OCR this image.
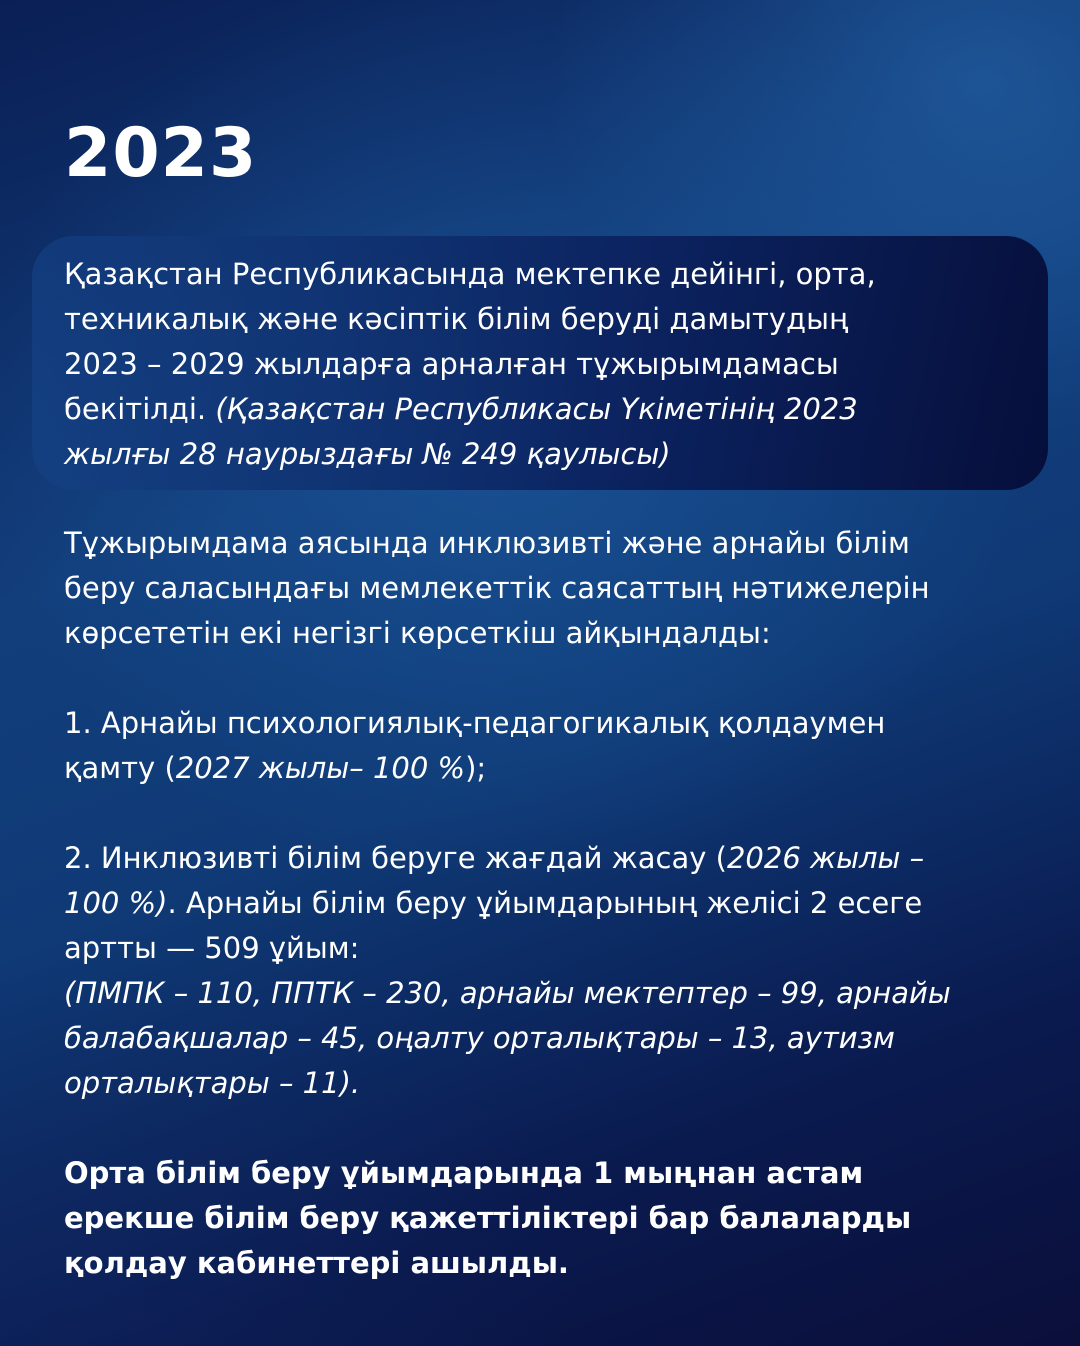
2023

Қазақстан Республикасында мектепке дейінгі, орта,
техникалық және кәсіптік білім беруді дамытудың
2023 – 2029 жылдарға арналған тұжырымдамасы
бекітілді. (Қазақстан Республикасы Үкіметінің 2023
жылғы 28 наурыздағы № 249 қаулысы)

Тұжырымдама аясында инклюзивті және арнайы білім
беру саласындағы мемлекеттік саясаттың нәтижелерін
көрсететін екі негізгі көрсеткіш айқындалды:

1. Арнайы психологиялық-педагогикалық қолдаумен
қамту (2027 жылы– 100 %);

2. Инклюзивті білім беруге жағдай жасау (2026 жылы –
100 %). Арнайы білім беру ұйымдарының желісі 2 есеге
артты — 509 ұйым:
(ПМПК – 110, ППТК – 230, арнайы мектептер – 99, арнайы
балабақшалар – 45, оңалту орталықтары – 13, аутизм
орталықтары – 11).

Орта білім беру ұйымдарында 1 мыңнан астам
ерекше білім беру қажеттіліктері бар балаларды
қолдау кабинеттері ашылды.
